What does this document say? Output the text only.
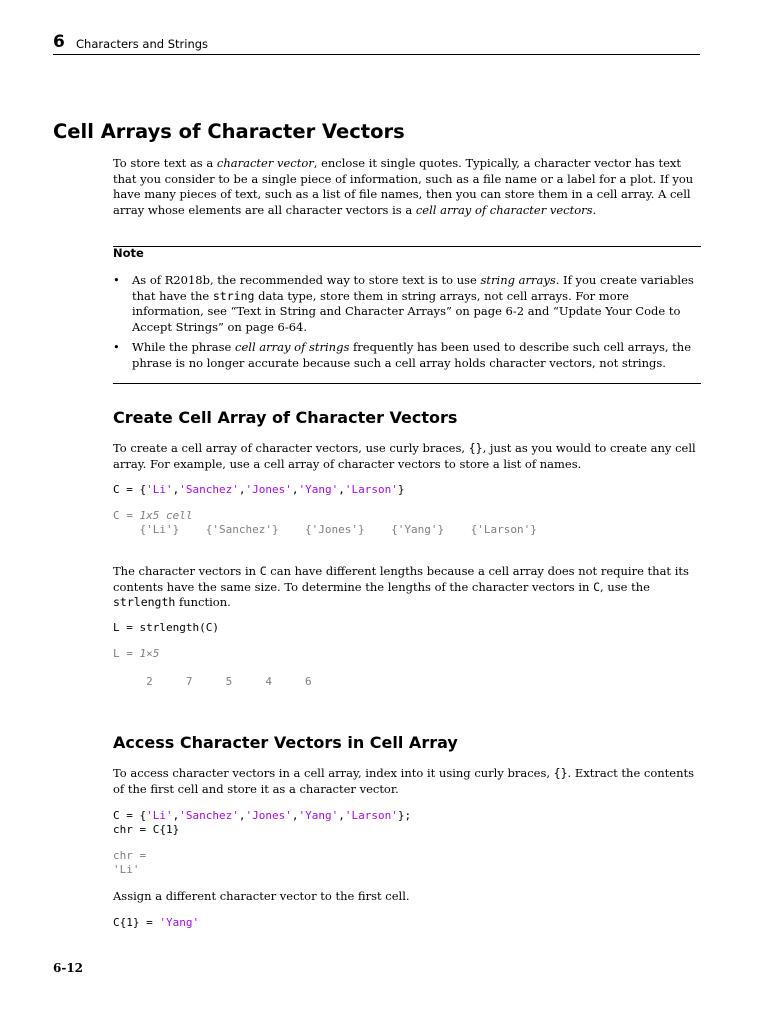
6 Characters and Strings
Cell Arrays of Character Vectors
To store text as a character vector, enclose it single quotes. Typically, a character vector has text that you consider to be a single piece of information, such as a file name or a label for a plot. If you have many pieces of text, such as a list of file names, then you can store them in a cell array. A cell array whose elements are all character vectors is a cell array of character vectors.
Note
• As of R2018b, the recommended way to store text is to use string arrays. If you create variables that have the string data type, store them in string arrays, not cell arrays. For more information, see “Text in String and Character Arrays” on page 6-2 and “Update Your Code to Accept Strings” on page 6-64.
• While the phrase cell array of strings frequently has been used to describe such cell arrays, the phrase is no longer accurate because such a cell array holds character vectors, not strings.
Create Cell Array of Character Vectors
To create a cell array of character vectors, use curly braces, {}, just as you would to create any cell array. For example, use a cell array of character vectors to store a list of names.
C = {'Li','Sanchez','Jones','Yang','Larson'}
C = 1x5 cell
{'Li'}    {'Sanchez'}    {'Jones'}    {'Yang'}    {'Larson'}
The character vectors in C can have different lengths because a cell array does not require that its contents have the same size. To determine the lengths of the character vectors in C, use the strlength function.
L = strlength(C)
L = 1×5
2     7     5     4     6
Access Character Vectors in Cell Array
To access character vectors in a cell array, index into it using curly braces, {}. Extract the contents of the first cell and store it as a character vector.
C = {'Li','Sanchez','Jones','Yang','Larson'};
chr = C{1}
chr =
'Li'
Assign a different character vector to the first cell.
C{1} = 'Yang'
6-12
